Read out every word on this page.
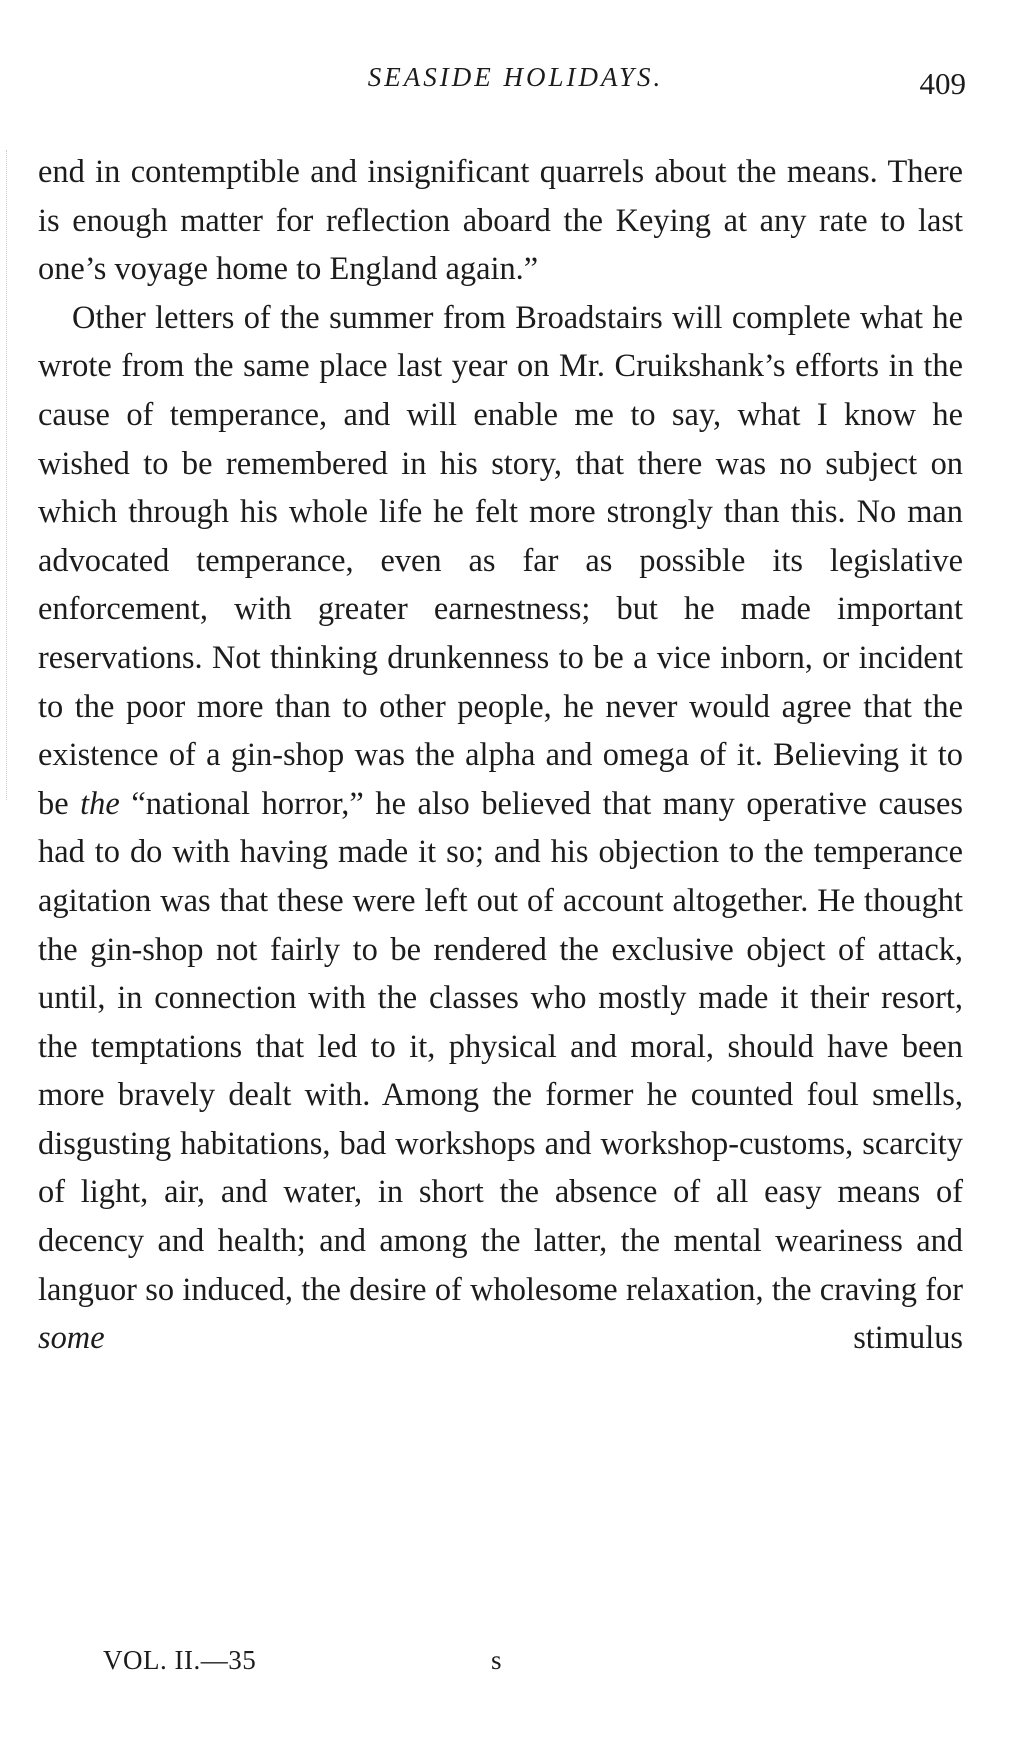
SEASIDE HOLIDAYS.	409

end in contemptible and insignificant quarrels about the means. There is enough matter for reflection aboard the Keying at any rate to last one’s voyage home to England again.”

Other letters of the summer from Broadstairs will complete what he wrote from the same place last year on Mr. Cruikshank’s efforts in the cause of temperance, and will enable me to say, what I know he wished to be remembered in his story, that there was no subject on which through his whole life he felt more strongly than this. No man advocated temperance, even as far as possible its legislative enforcement, with greater earnestness; but he made important reservations. Not thinking drunkenness to be a vice inborn, or incident to the poor more than to other people, he never would agree that the existence of a gin-shop was the alpha and omega of it. Believing it to be the “national horror,” he also believed that many operative causes had to do with having made it so; and his objection to the temperance agitation was that these were left out of account altogether. He thought the gin-shop not fairly to be rendered the exclusive object of attack, until, in connection with the classes who mostly made it their resort, the temptations that led to it, physical and moral, should have been more bravely dealt with. Among the former he counted foul smells, disgusting habitations, bad workshops and workshop-customs, scarcity of light, air, and water, in short the absence of all easy means of decency and health; and among the latter, the mental weariness and languor so induced, the desire of wholesome relaxation, the craving for some stimulus

VOL. II.—35	s
